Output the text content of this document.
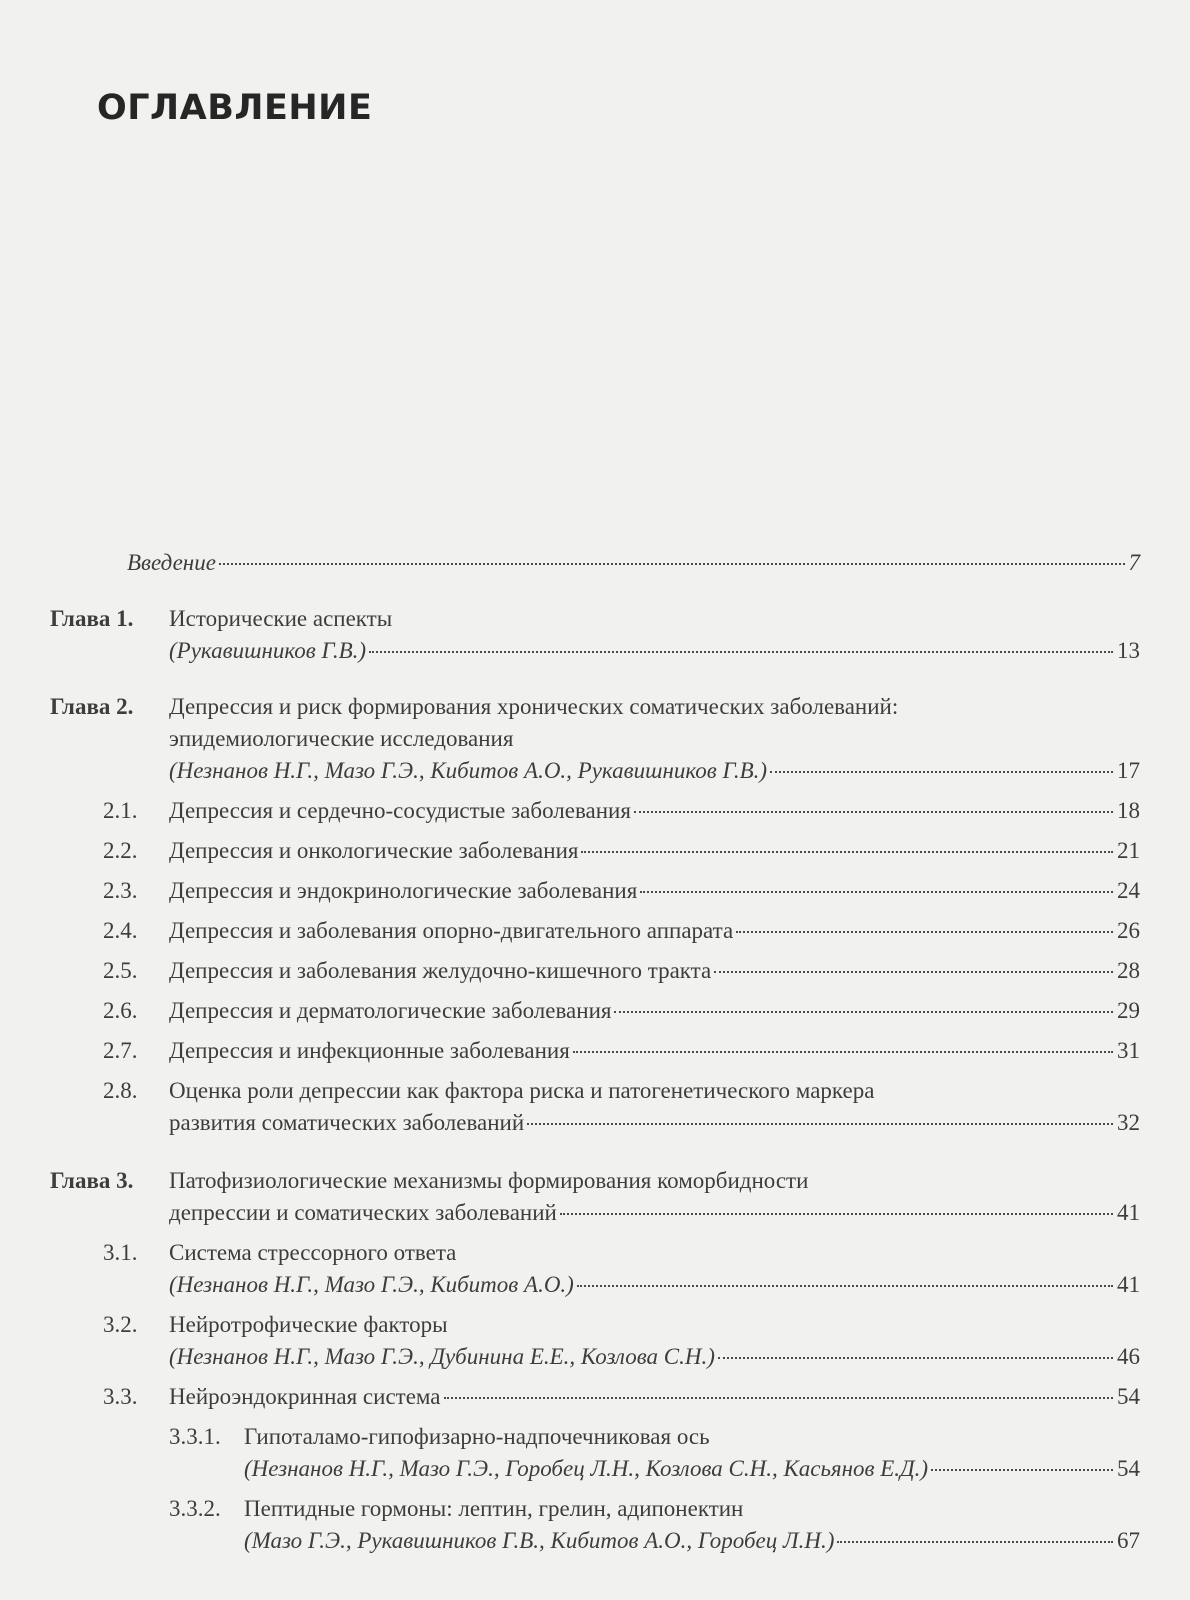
ОГЛАВЛЕНИЕ
Введение	7
Глава 1. Исторические аспекты
(Рукавишников Г.В.)	13
Глава 2. Депрессия и риск формирования хронических соматических заболеваний:
эпидемиологические исследования
(Незнанов Н.Г., Мазо Г.Э., Кибитов А.О., Рукавишников Г.В.)	17
2.1. Депрессия и сердечно-сосудистые заболевания	18
2.2. Депрессия и онкологические заболевания	21
2.3. Депрессия и эндокринологические заболевания	24
2.4. Депрессия и заболевания опорно-двигательного аппарата	26
2.5. Депрессия и заболевания желудочно-кишечного тракта	28
2.6. Депрессия и дерматологические заболевания	29
2.7. Депрессия и инфекционные заболевания	31
2.8. Оценка роли депрессии как фактора риска и патогенетического маркера
развития соматических заболеваний	32
Глава 3. Патофизиологические механизмы формирования коморбидности
депрессии и соматических заболеваний	41
3.1. Система стрессорного ответа
(Незнанов Н.Г., Мазо Г.Э., Кибитов А.О.)	41
3.2. Нейротрофические факторы
(Незнанов Н.Г., Мазо Г.Э., Дубинина Е.Е., Козлова С.Н.)	46
3.3. Нейроэндокринная система	54
3.3.1. Гипоталамо-гипофизарно-надпочечниковая ось
(Незнанов Н.Г., Мазо Г.Э., Горобец Л.Н., Козлова С.Н., Касьянов Е.Д.)	54
3.3.2. Пептидные гормоны: лептин, грелин, адипонектин
(Мазо Г.Э., Рукавишников Г.В., Кибитов А.О., Горобец Л.Н.)	67
